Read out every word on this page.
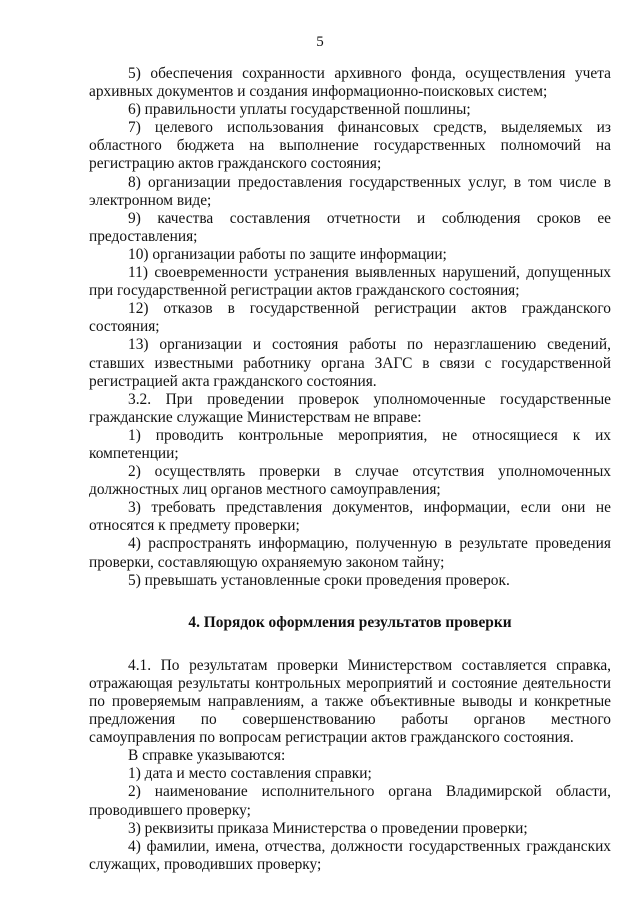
5

5) обеспечения сохранности архивного фонда, осуществления учета архивных документов и создания информационно-поисковых систем;

6) правильности уплаты государственной пошлины;

7) целевого использования финансовых средств, выделяемых из областного бюджета на выполнение государственных полномочий на регистрацию актов гражданского состояния;

8) организации предоставления государственных услуг, в том числе в электронном виде;

9) качества составления отчетности и соблюдения сроков ее предоставления;

10) организации работы по защите информации;

11) своевременности устранения выявленных нарушений, допущенных при государственной регистрации актов гражданского состояния;

12) отказов в государственной регистрации актов гражданского состояния;

13) организации и состояния работы по неразглашению сведений, ставших известными работнику органа ЗАГС в связи с государственной регистрацией акта гражданского состояния.

3.2. При проведении проверок уполномоченные государственные гражданские служащие Министерствам не вправе:

1) проводить контрольные мероприятия, не относящиеся к их компетенции;

2) осуществлять проверки в случае отсутствия уполномоченных должностных лиц органов местного самоуправления;

3) требовать представления документов, информации, если они не относятся к предмету проверки;

4) распространять информацию, полученную в результате проведения проверки, составляющую охраняемую законом тайну;

5) превышать установленные сроки проведения проверок.

4. Порядок оформления результатов проверки

4.1. По результатам проверки Министерством составляется справка, отражающая результаты контрольных мероприятий и состояние деятельности по проверяемым направлениям, а также объективные выводы и конкретные предложения по совершенствованию работы органов местного самоуправления по вопросам регистрации актов гражданского состояния.

В справке указываются:

1) дата и место составления справки;

2) наименование исполнительного органа Владимирской области, проводившего проверку;

3) реквизиты приказа Министерства о проведении проверки;

4) фамилии, имена, отчества, должности государственных гражданских служащих, проводивших проверку;
